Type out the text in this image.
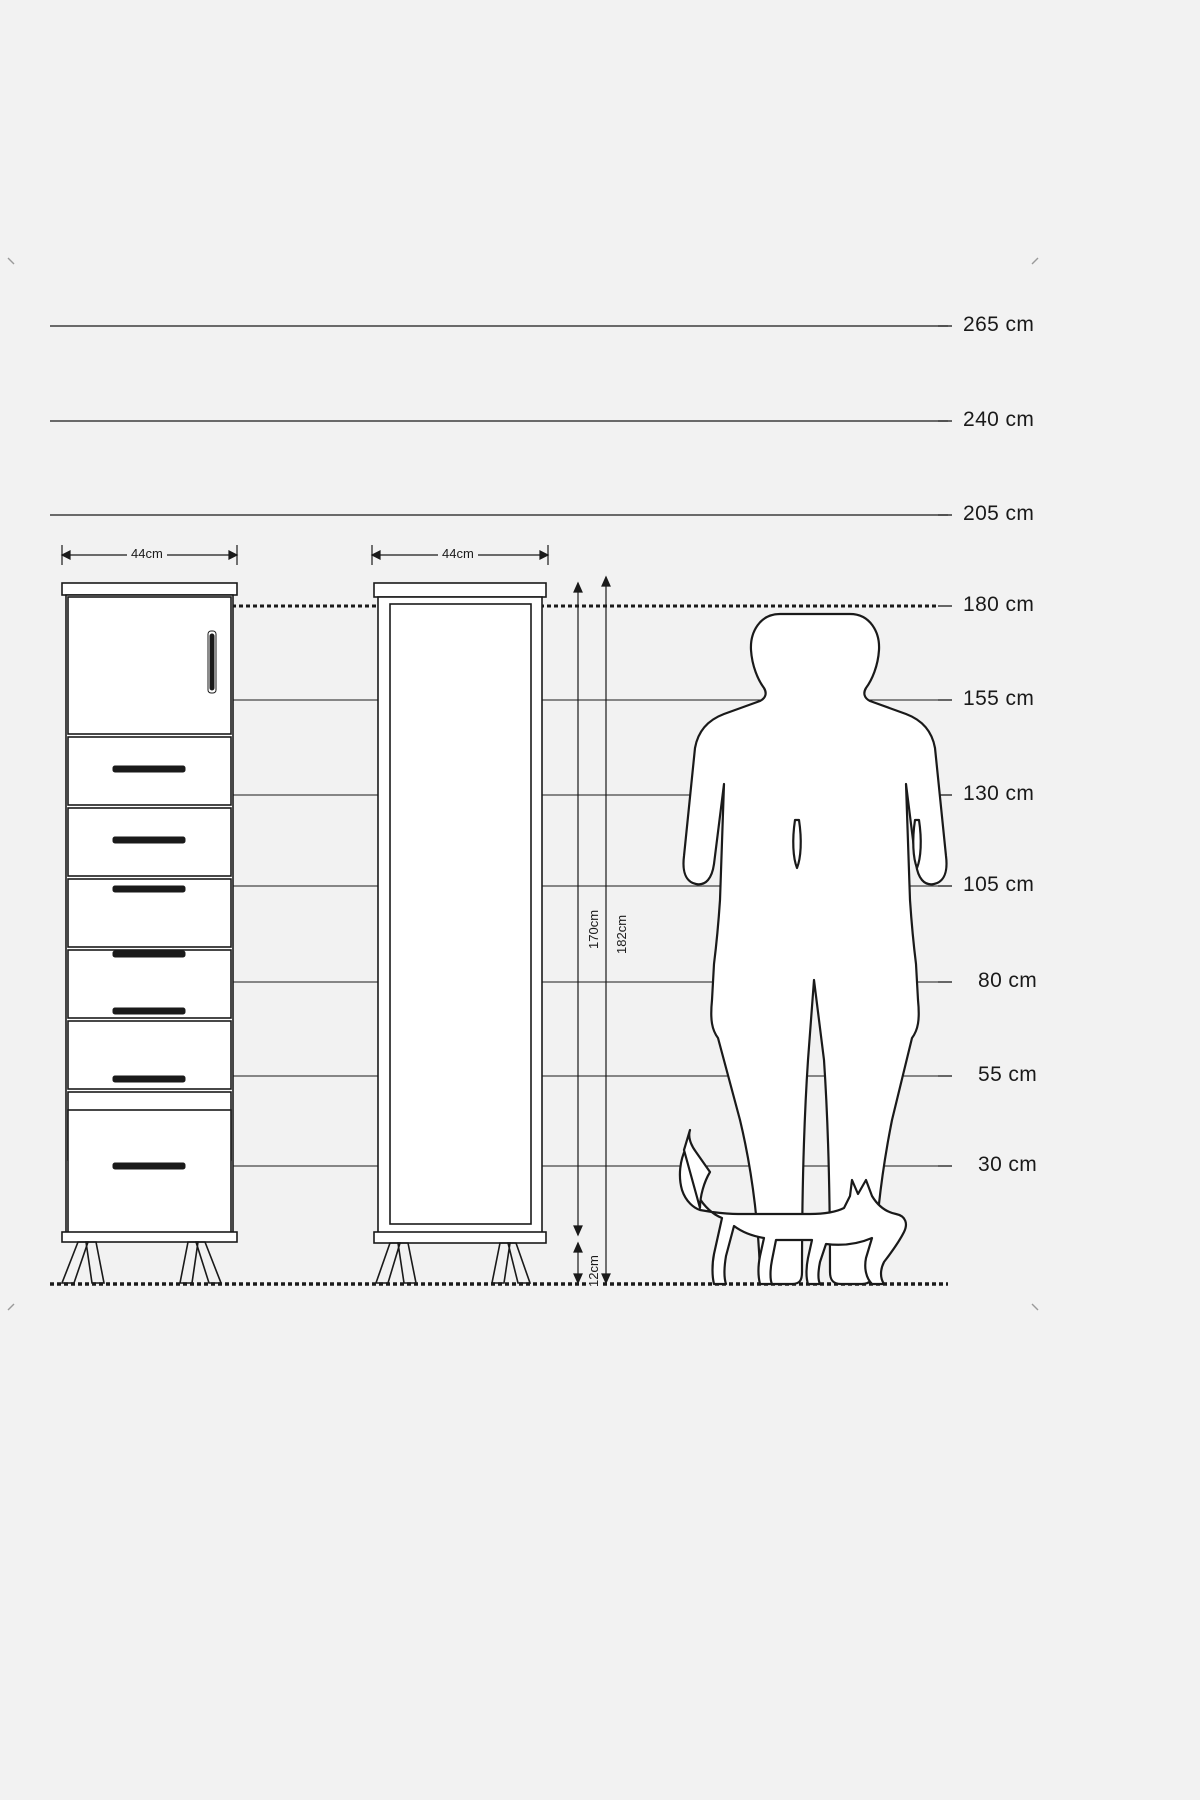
265 cm
240 cm
205 cm
180 cm
155 cm
130 cm
105 cm
80 cm
55 cm
30 cm
44cm	44cm
170cm 182cm
12cm
